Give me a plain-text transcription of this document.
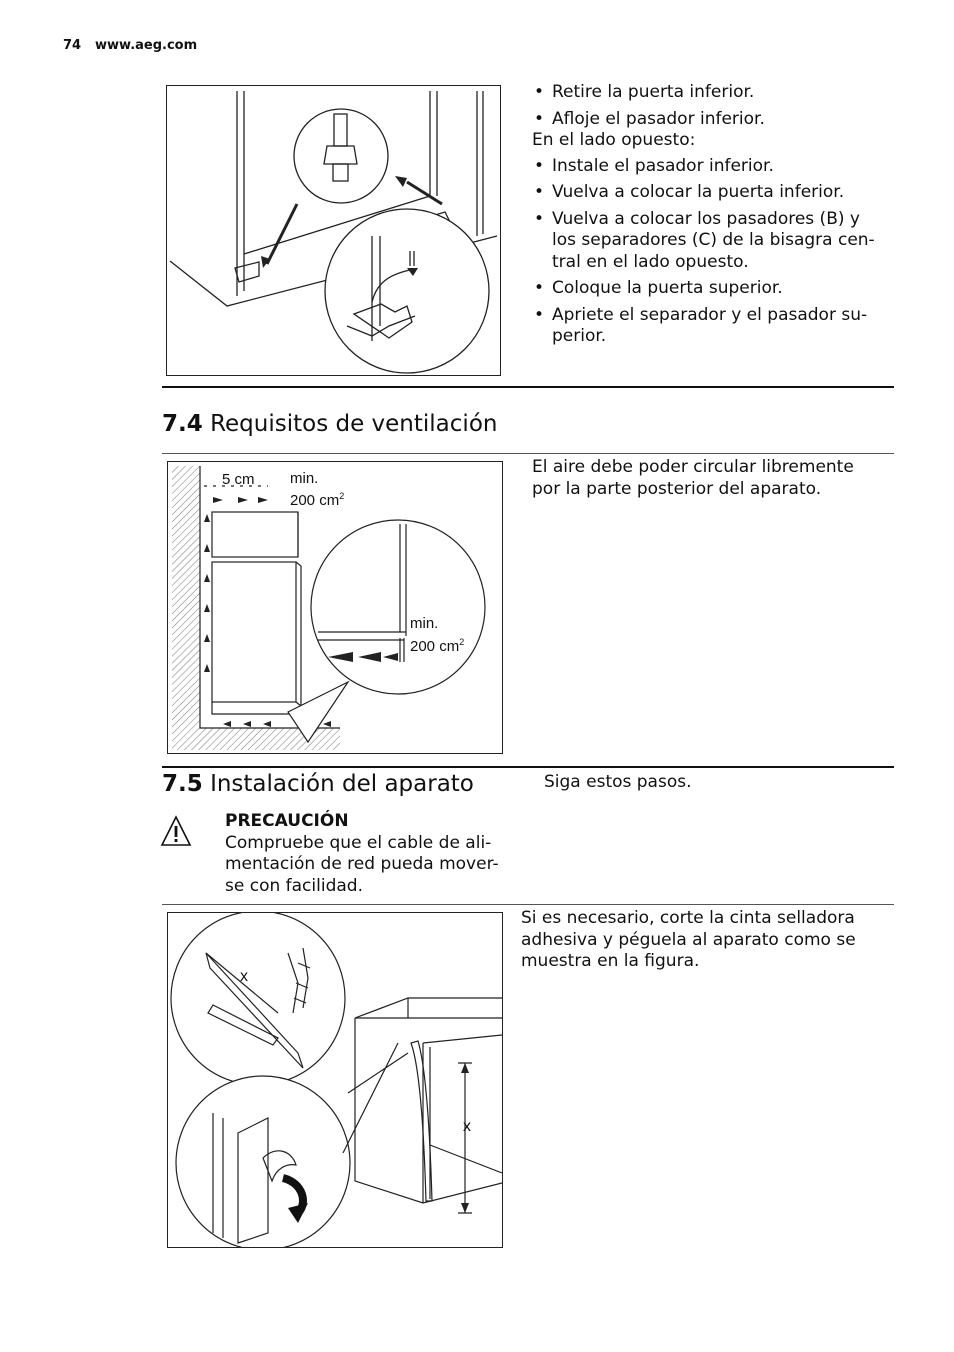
74 www.aeg.com
• Retire la puerta inferior.
• Afloje el pasador inferior.
En el lado opuesto:
• Instale el pasador inferior.
• Vuelva a colocar la puerta inferior.
• Vuelva a colocar los pasadores (B) y los separadores (C) de la bisagra cen-tral en el lado opuesto.
• Coloque la puerta superior.
• Apriete el separador y el pasador su-perior.
7.4 Requisitos de ventilación
5 cm min.
200 $cm^2$
min.
200 $cm^2$
El aire debe poder circular libremente por la parte posterior del aparato.
7.5 Instalación del aparato	Siga estos pasos.
PRECAUCIÓN
Compruebe que el cable de ali-mentación de red pueda mover-se con facilidad.
x
x
Si es necesario, corte la cinta selladora adhesiva y péguela al aparato como se muestra en la figura.
